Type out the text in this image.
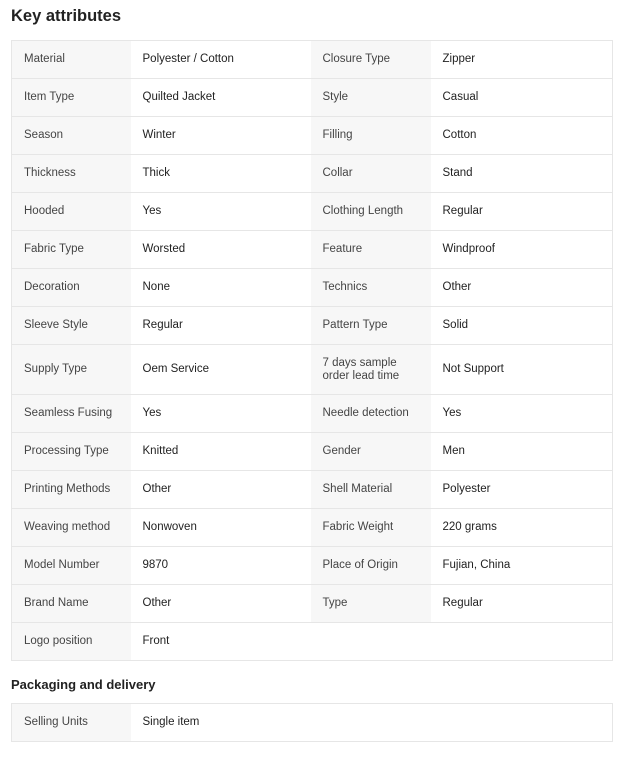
Key attributes
Material	Polyester / Cotton	Closure Type	Zipper
Item Type	Quilted Jacket	Style	Casual
Season	Winter	Filling	Cotton
Thickness	Thick	Collar	Stand
Hooded	Yes	Clothing Length	Regular
Fabric Type	Worsted	Feature	Windproof
Decoration	None	Technics	Other
Sleeve Style	Regular	Pattern Type	Solid
Supply Type	Oem Service	7 days sample order lead time	Not Support
Seamless Fusing	Yes	Needle detection	Yes
Processing Type	Knitted	Gender	Men
Printing Methods	Other	Shell Material	Polyester
Weaving method	Nonwoven	Fabric Weight	220 grams
Model Number	9870	Place of Origin	Fujian, China
Brand Name	Other	Type	Regular
Logo position	Front		
Packaging and delivery
Selling Units	Single item		
